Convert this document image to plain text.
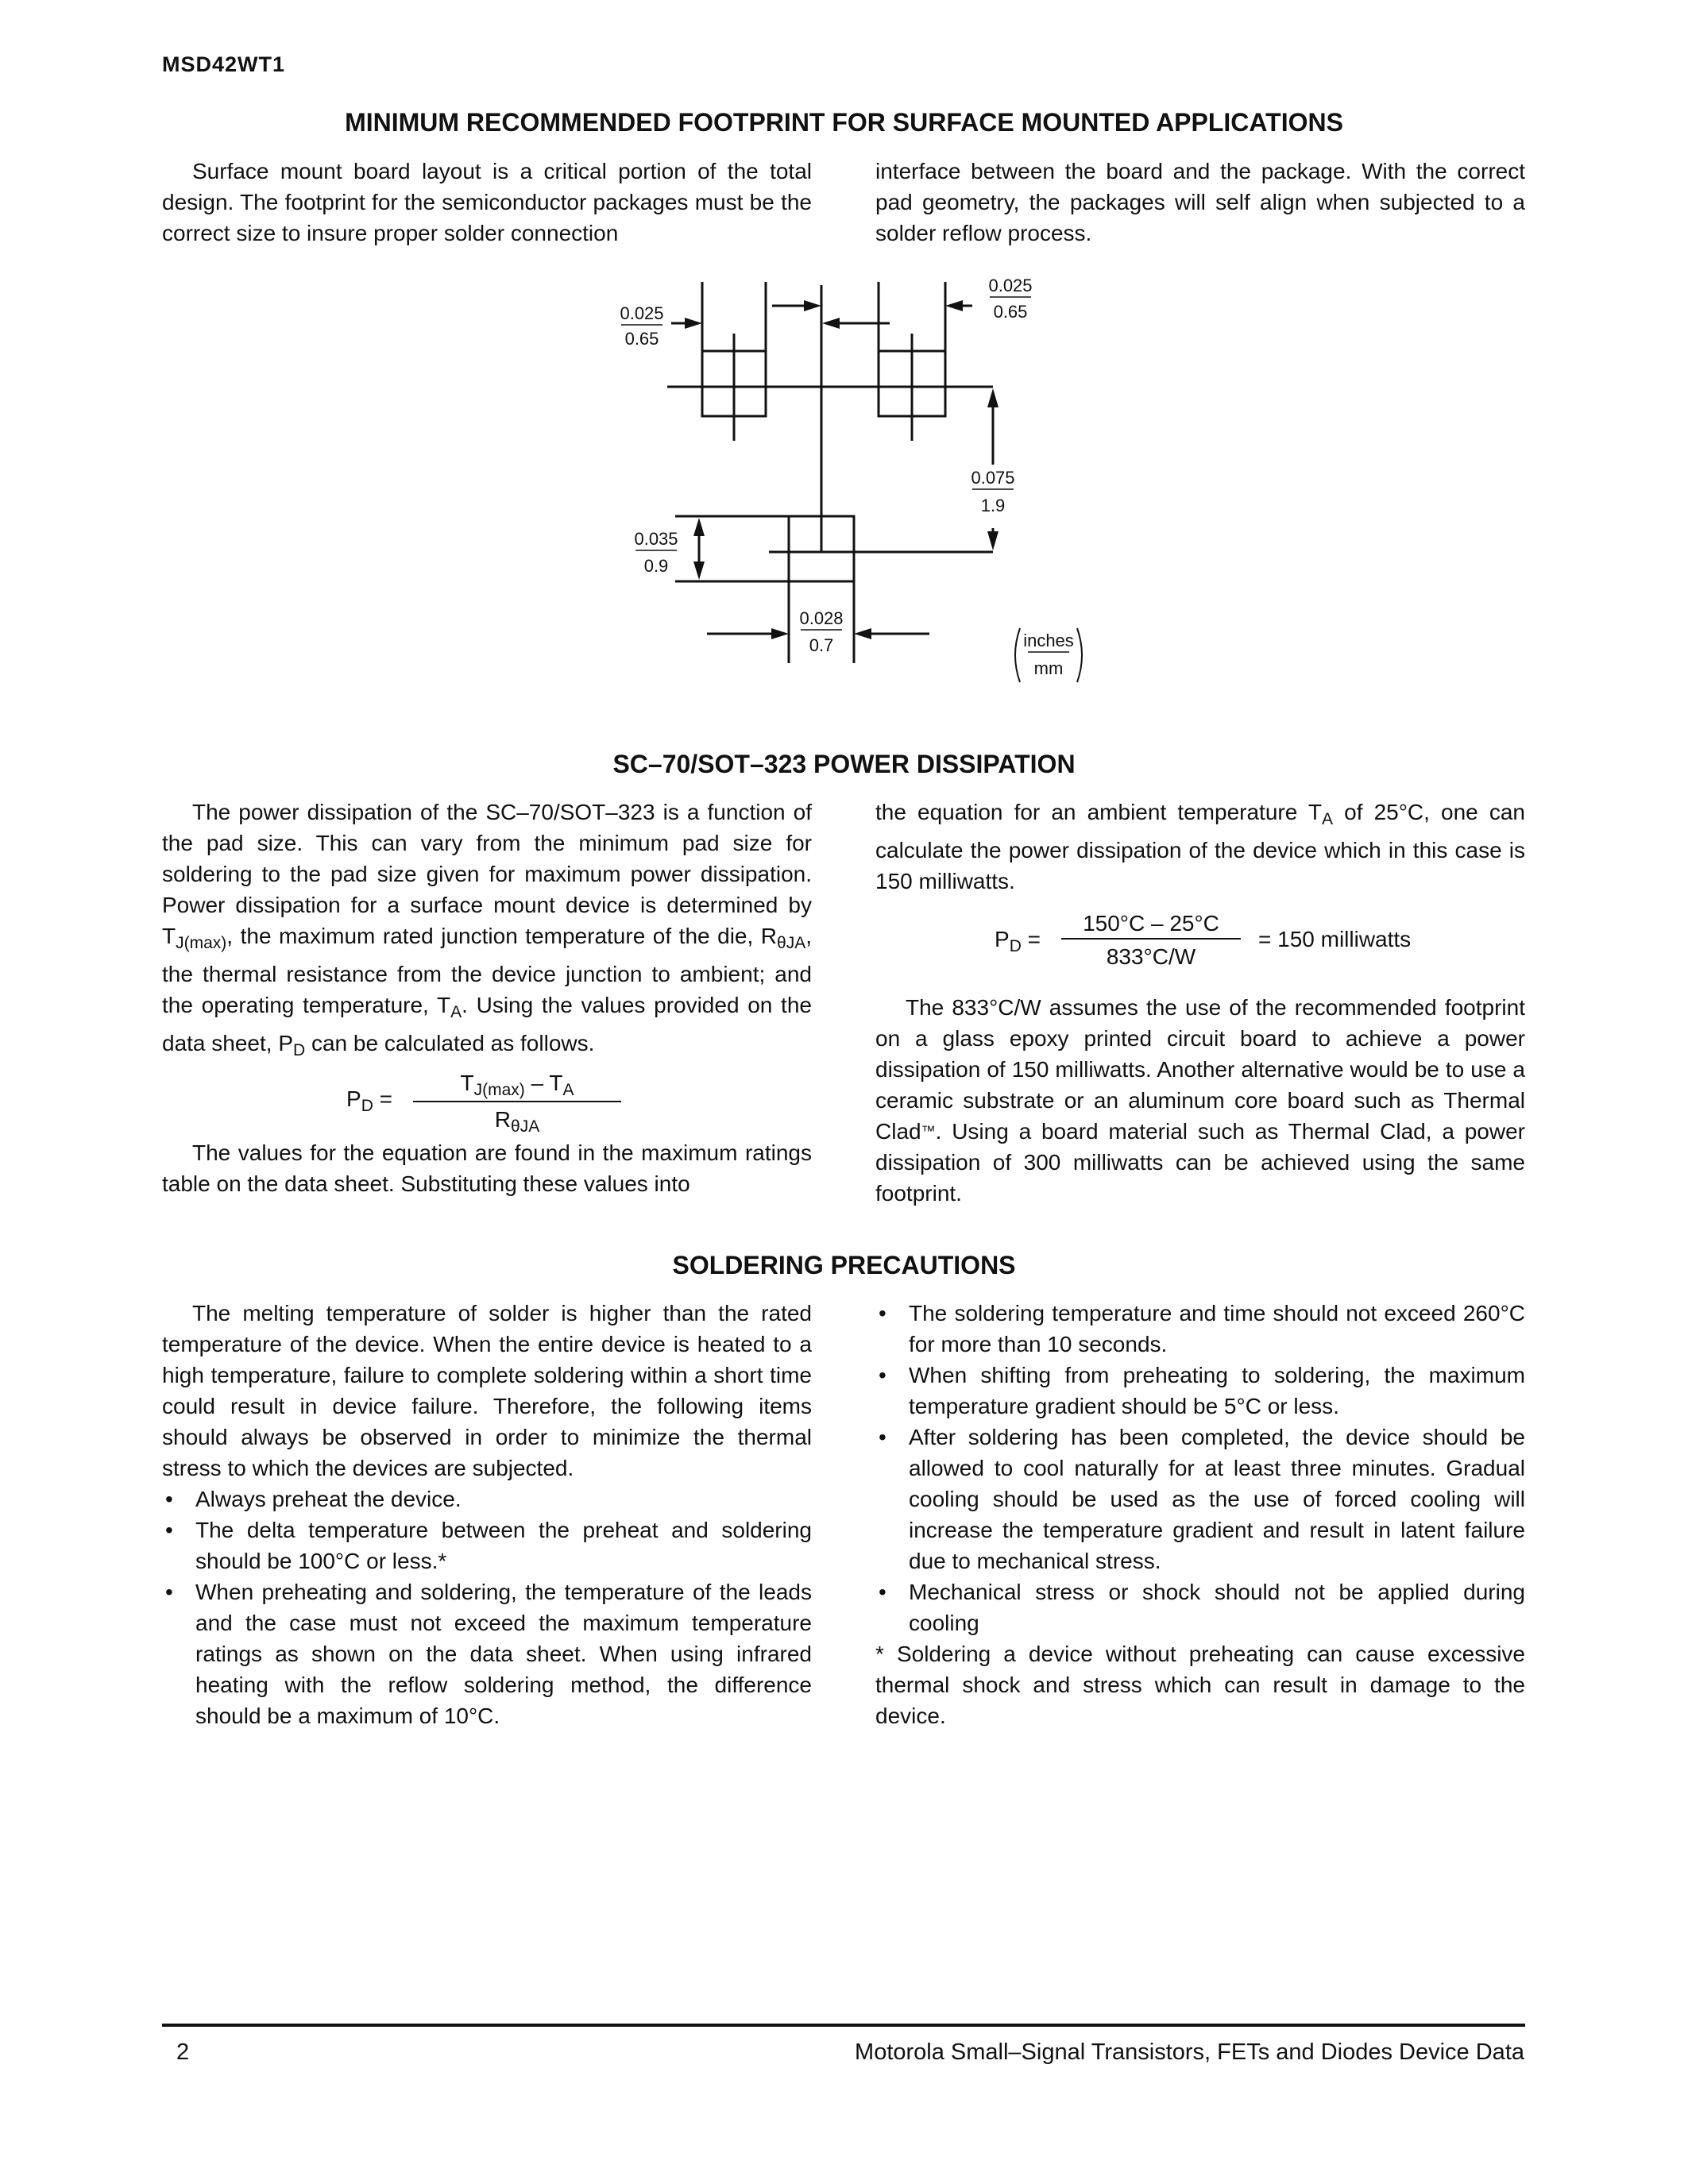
MSD42WT1
MINIMUM RECOMMENDED FOOTPRINT FOR SURFACE MOUNTED APPLICATIONS

Surface mount board layout is a critical portion of the total design. The footprint for the semiconductor packages must be the correct size to insure proper solder connection

interface between the board and the package. With the correct pad geometry, the packages will self align when subjected to a solder reflow process.

0.025
0.65
0.025
0.65
0.075
1.9
0.035
0.9
0.028
0.7	inches
mm
SC–70/SOT–323 POWER DISSIPATION

The power dissipation of the SC–70/SOT–323 is a function of the pad size. This can vary from the minimum pad size for soldering to the pad size given for maximum power dissipation. Power dissipation for a surface mount device is determined by $T_{J(max)}$, the maximum rated junction temperature of the die, $R_{\theta JA}$, the thermal resistance from the device junction to ambient; and the operating temperature, $T_A$. Using the values provided on the data sheet, $P_D$ can be calculated as follows.

$P_D$ =
$T_{J(max)} - T_A$
$R_{\theta JA}$

The values for the equation are found in the maximum ratings table on the data sheet. Substituting these values into

the equation for an ambient temperature $T_A$ of 25°C, one can calculate the power dissipation of the device which in this case is 150 milliwatts.

$P_D$ =
150°C – 25°C
833°C/W
= 150 milliwatts

The 833°C/W assumes the use of the recommended footprint on a glass epoxy printed circuit board to achieve a power dissipation of 150 milliwatts. Another alternative would be to use a ceramic substrate or an aluminum core board such as Thermal Clad™. Using a board material such as Thermal Clad, a power dissipation of 300 milliwatts can be achieved using the same footprint.

SOLDERING PRECAUTIONS

The melting temperature of solder is higher than the rated temperature of the device. When the entire device is heated to a high temperature, failure to complete soldering within a short time could result in device failure. Therefore, the following items should always be observed in order to minimize the thermal stress to which the devices are subjected.

• Always preheat the device.
• The delta temperature between the preheat and soldering should be 100°C or less.*
• When preheating and soldering, the temperature of the leads and the case must not exceed the maximum temperature ratings as shown on the data sheet. When using infrared heating with the reflow soldering method, the difference should be a maximum of 10°C.
• The soldering temperature and time should not exceed 260°C for more than 10 seconds.
• When shifting from preheating to soldering, the maximum temperature gradient should be 5°C or less.
• After soldering has been completed, the device should be allowed to cool naturally for at least three minutes. Gradual cooling should be used as the use of forced cooling will increase the temperature gradient and result in latent failure due to mechanical stress.
• Mechanical stress or shock should not be applied during cooling

* Soldering a device without preheating can cause excessive thermal shock and stress which can result in damage to the device.

2	Motorola Small–Signal Transistors, FETs and Diodes Device Data
